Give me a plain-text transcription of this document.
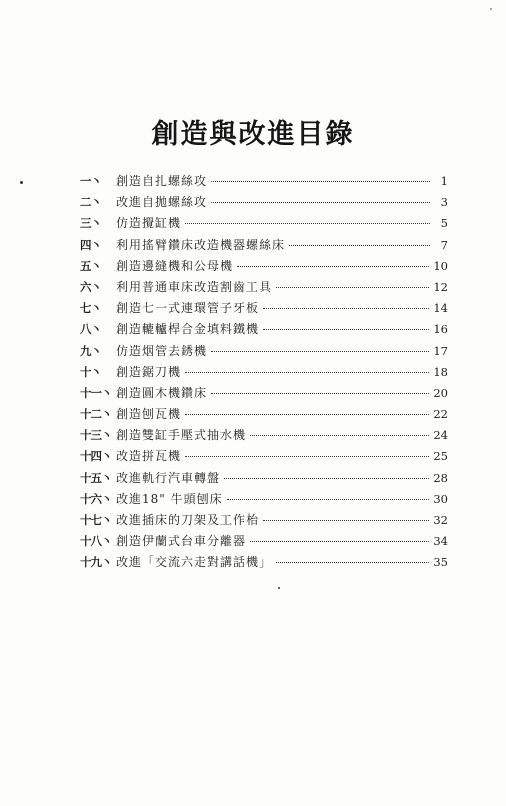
創造與改進目錄
一丶	創造自扎螺絲攻	1
二丶	改進自拋螺絲攻	3
三丶	仿造攪缸機	5
四丶	利用搖臂鑽床改造機器螺絲床	7
五丶	創造邊縫機和公母機	10
六丶	利用普通車床改造割齒工具	12
七丶	創造七一式連環管子牙板	14
八丶	創造轆轤桿合金填料鐵機	16
九丶	仿造烟管去銹機	17
十丶	創造鋸刀機	18
十一丶 創造圓木機鑽床	20
十二丶 創造刨瓦機	22
十三丶 創造雙缸手壓式抽水機	24
十四丶 改造拼瓦機	25
十五丶 改進軌行汽車轉盤	28
十六丶 改進18" 牛頭刨床	30
十七丶 改進插床的刀架及工作枱	32
十八丶 創造伊蘭式台車分離器	34
十九丶 改進「交流六走對講話機」	35
